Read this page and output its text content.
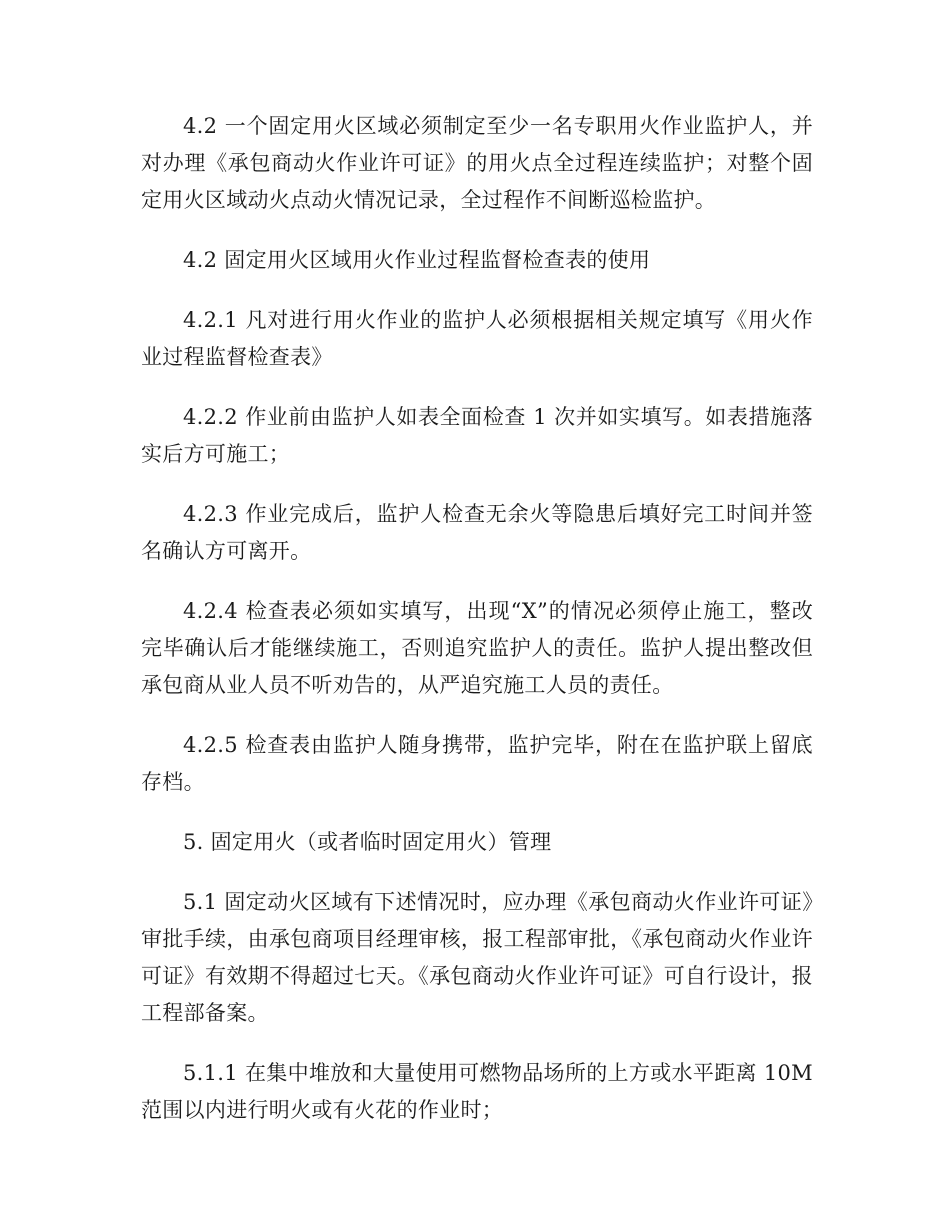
4.2 一个固定用火区域必须制定至少一名专职用火作业监护人，并对办理《承包商动火作业许可证》的用火点全过程连续监护；对整个固定用火区域动火点动火情况记录，全过程作不间断巡检监护。

4.2 固定用火区域用火作业过程监督检查表的使用

4.2.1 凡对进行用火作业的监护人必须根据相关规定填写《用火作业过程监督检查表》

4.2.2 作业前由监护人如表全面检查 1 次并如实填写。如表措施落实后方可施工；

4.2.3 作业完成后，监护人检查无余火等隐患后填好完工时间并签名确认方可离开。

4.2.4 检查表必须如实填写，出现“X”的情况必须停止施工，整改完毕确认后才能继续施工，否则追究监护人的责任。监护人提出整改但承包商从业人员不听劝告的，从严追究施工人员的责任。

4.2.5 检查表由监护人随身携带，监护完毕，附在在监护联上留底存档。

5. 固定用火（或者临时固定用火）管理

5.1 固定动火区域有下述情况时，应办理《承包商动火作业许可证》审批手续，由承包商项目经理审核，报工程部审批，《承包商动火作业许可证》有效期不得超过七天。《承包商动火作业许可证》可自行设计，报工程部备案。

5.1.1 在集中堆放和大量使用可燃物品场所的上方或水平距离 10M 范围以内进行明火或有火花的作业时；
